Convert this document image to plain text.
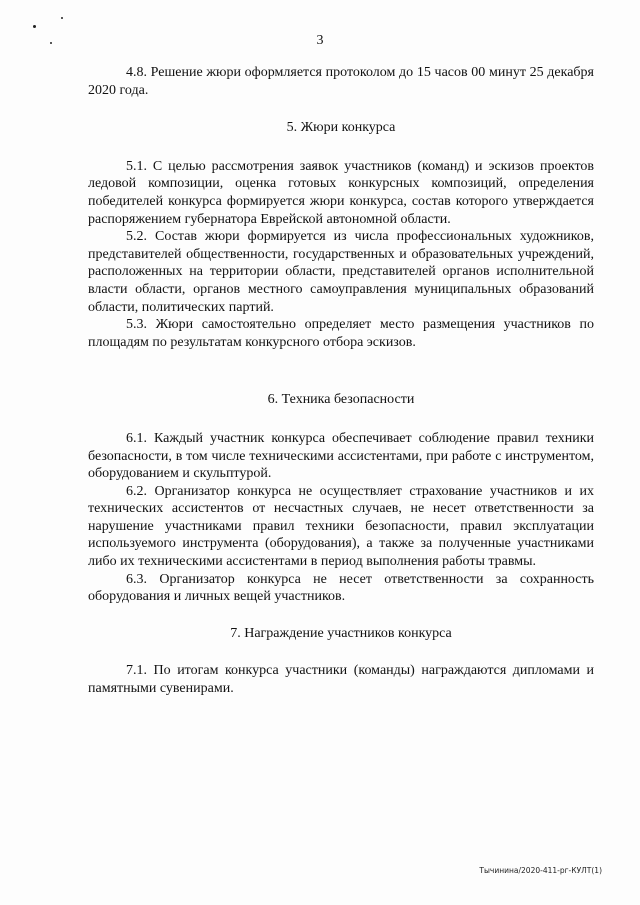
3

4.8. Решение жюри оформляется протоколом до 15 часов 00 минут 25 декабря 2020 года.

5. Жюри конкурса

5.1. С целью рассмотрения заявок участников (команд) и эскизов проектов ледовой композиции, оценка готовых конкурсных композиций, определения победителей конкурса формируется жюри конкурса, состав которого утверждается распоряжением губернатора Еврейской автономной области.

5.2. Состав жюри формируется из числа профессиональных художников, представителей общественности, государственных и образовательных учреждений, расположенных на территории области, представителей органов исполнительной власти области, органов местного самоуправления муниципальных образований области, политических партий.

5.3. Жюри самостоятельно определяет место размещения участников по площадям по результатам конкурсного отбора эскизов.

6. Техника безопасности

6.1. Каждый участник конкурса обеспечивает соблюдение правил техники безопасности, в том числе техническими ассистентами, при работе с инструментом, оборудованием и скульптурой.

6.2. Организатор конкурса не осуществляет страхование участников и их технических ассистентов от несчастных случаев, не несет ответственности за нарушение участниками правил техники безопасности, правил эксплуатации используемого инструмента (оборудования), а также за полученные участниками либо их техническими ассистентами в период выполнения работы травмы.

6.3. Организатор конкурса не несет ответственности за сохранность оборудования и личных вещей участников.

7. Награждение участников конкурса

7.1. По итогам конкурса участники (команды) награждаются дипломами и памятными сувенирами.

Тычинина/2020-411-рг-КУЛТ(1)
